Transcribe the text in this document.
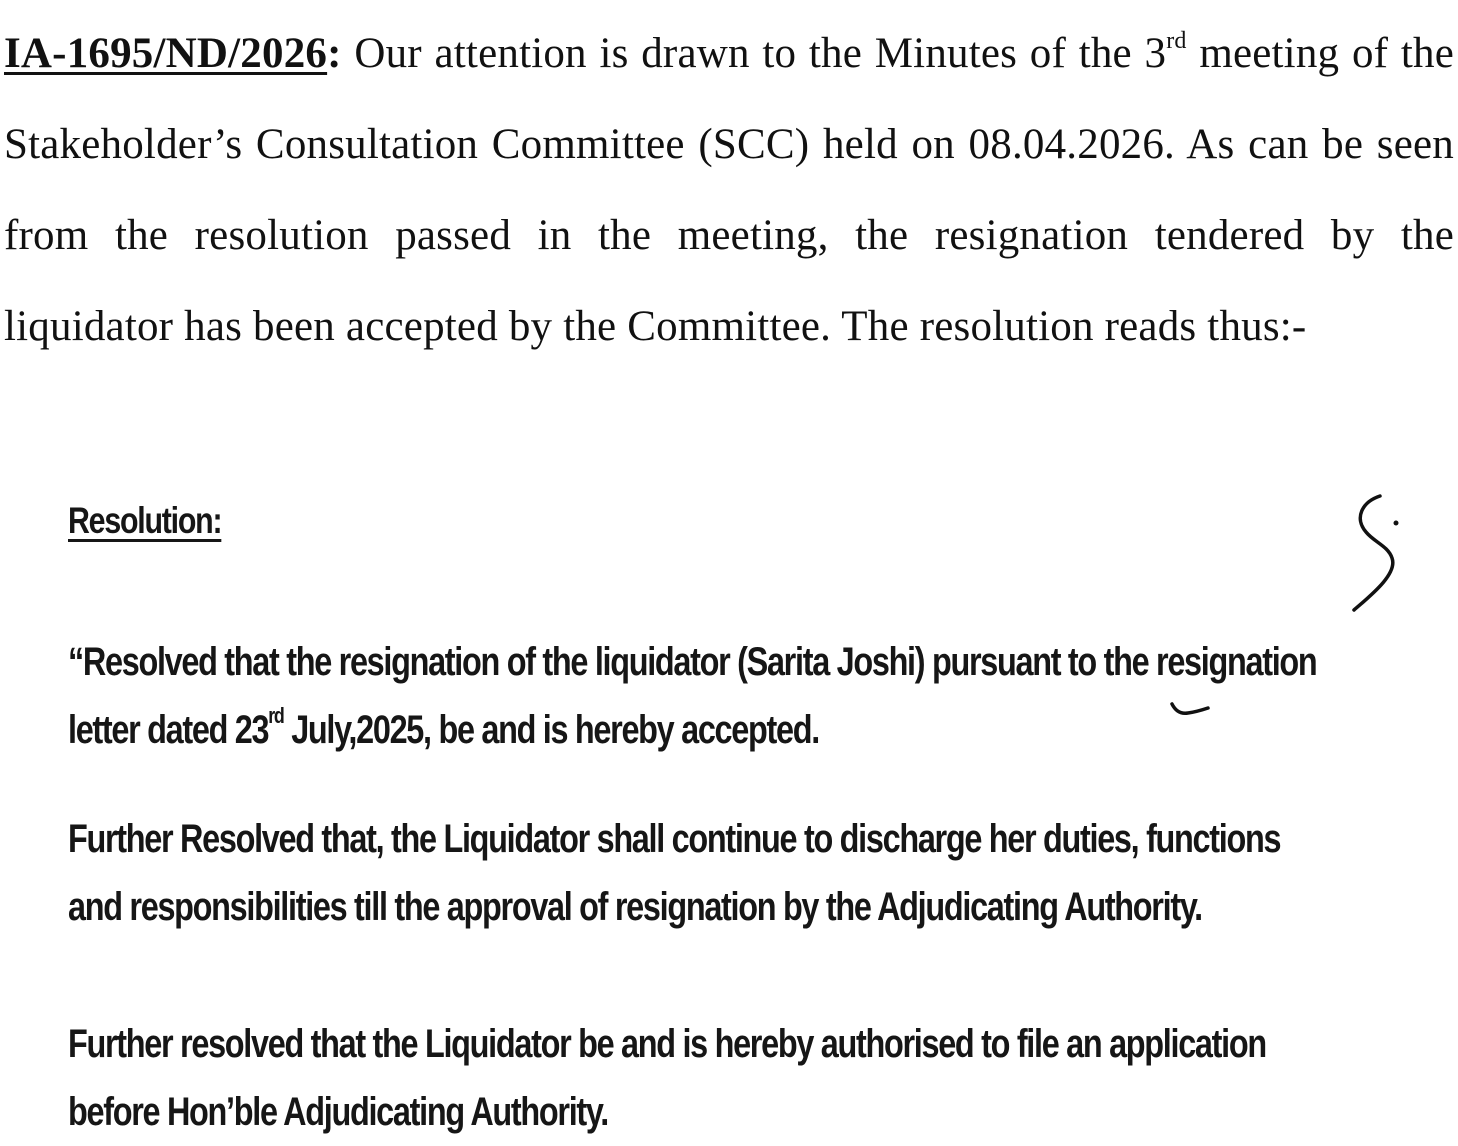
IA-1695/ND/2026: Our attention is drawn to the Minutes of the 3rd meeting of the Stakeholder’s Consultation Committee (SCC) held on 08.04.2026. As can be seen from the resolution passed in the meeting, the resignation tendered by the liquidator has been accepted by the Committee. The resolution reads thus:-

Resolution:

“Resolved that the resignation of the liquidator (Sarita Joshi) pursuant to the resignation
letter dated 23rd July,2025, be and is hereby accepted.

Further Resolved that, the Liquidator shall continue to discharge her duties, functions
and responsibilities till the approval of resignation by the Adjudicating Authority.

Further resolved that the Liquidator be and is hereby authorised to file an application
before Hon’ble Adjudicating Authority.
